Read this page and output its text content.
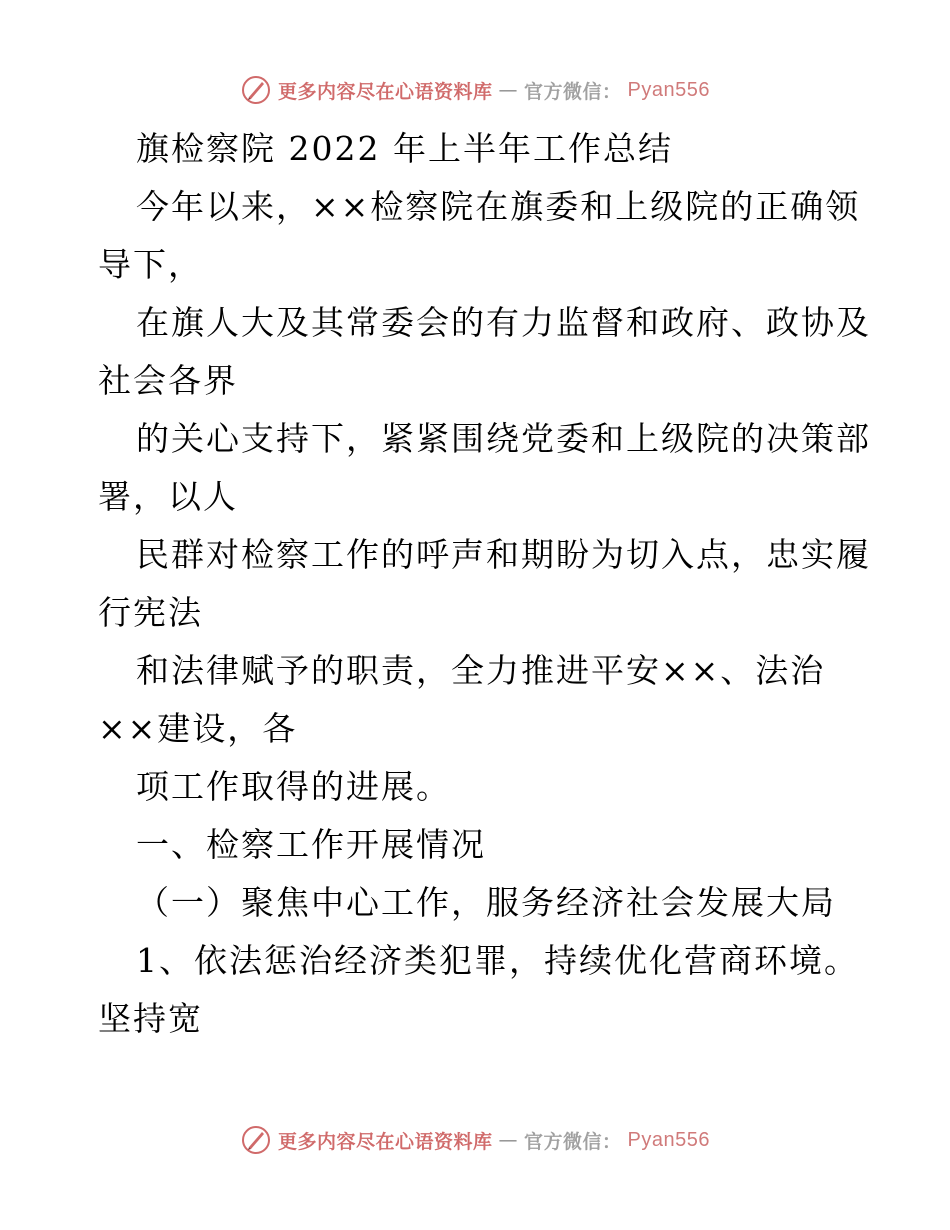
更多内容尽在心语资料库 — 官方微信： Pyan556
旗检察院 2022 年上半年工作总结
今年以来，××检察院在旗委和上级院的正确领
导下，
在旗人大及其常委会的有力监督和政府、政协及
社会各界
的关心支持下，紧紧围绕党委和上级院的决策部
署，以人
民群对检察工作的呼声和期盼为切入点，忠实履
行宪法
和法律赋予的职责，全力推进平安××、法治
××建设，各
项工作取得的进展。
一、检察工作开展情况
（一）聚焦中心工作，服务经济社会发展大局
1、依法惩治经济类犯罪，持续优化营商环境。
坚持宽
更多内容尽在心语资料库 — 官方微信： Pyan556
